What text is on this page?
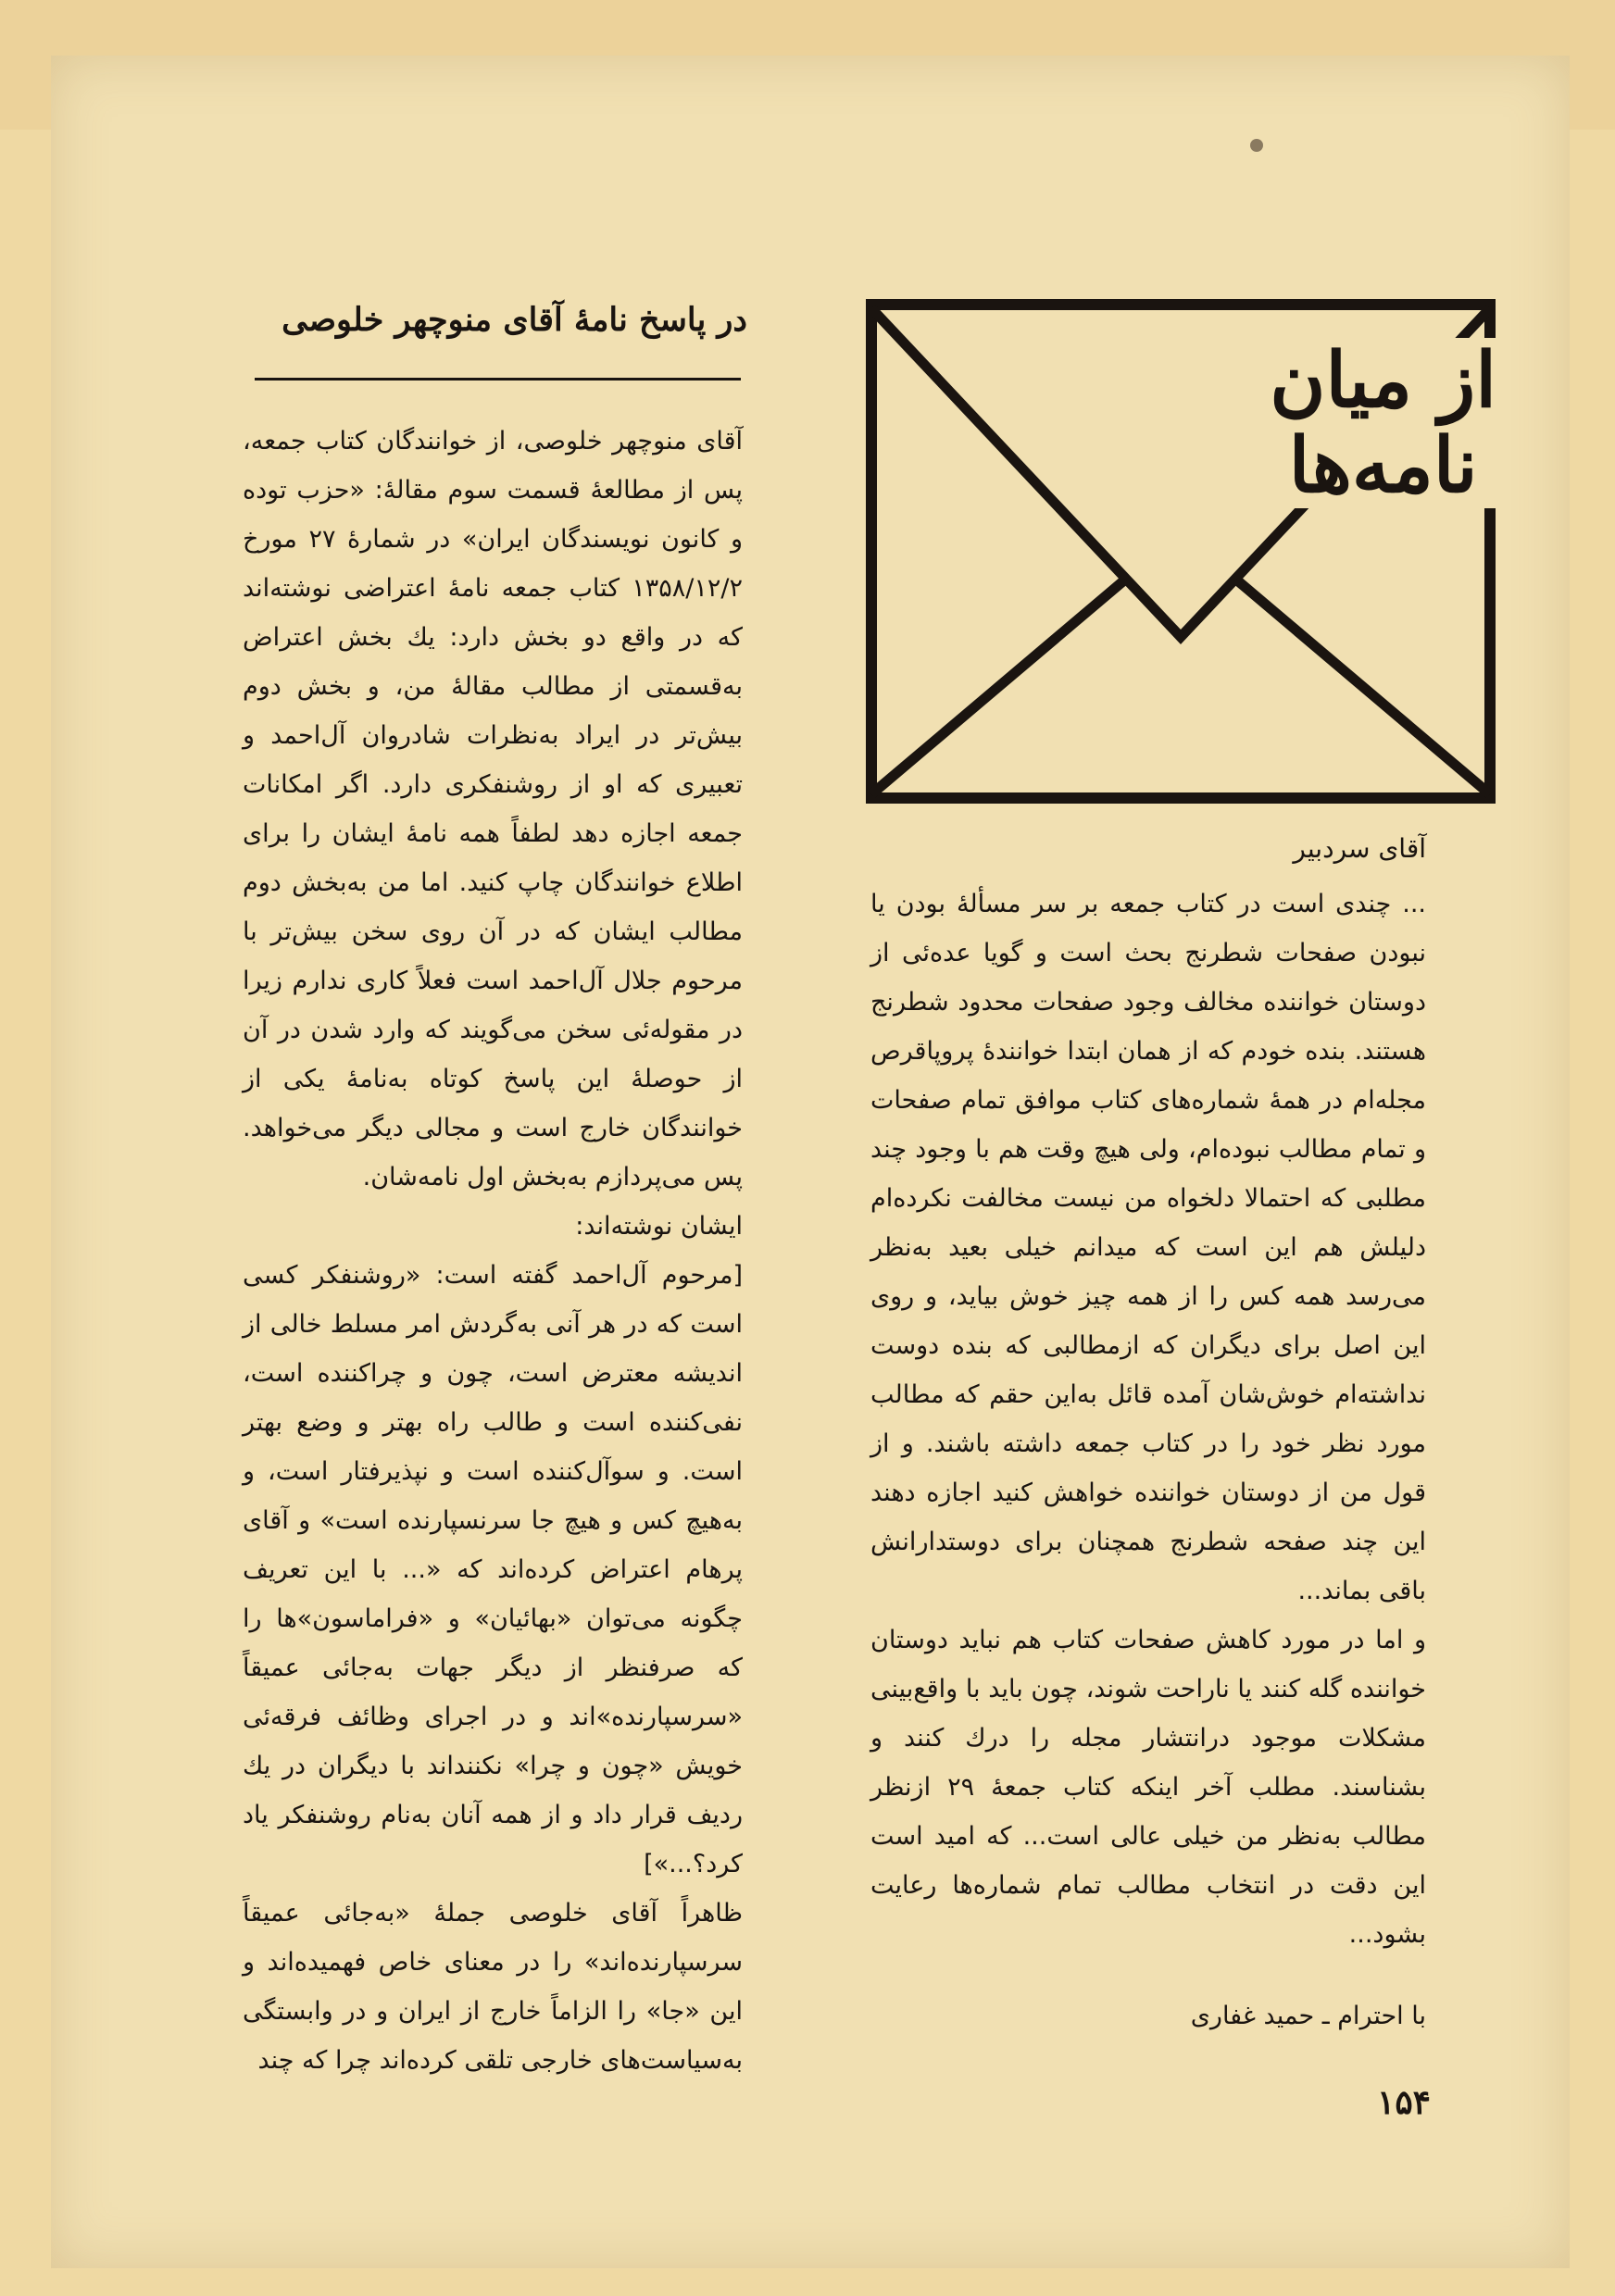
از میان
نامه‌ها
آقای سردبیر

... چندی است در کتاب جمعه بر سر مسألهٔ بودن یا نبودن صفحات شطرنج بحث است و گویا عده‌ئی از دوستان خواننده مخالف وجود صفحات محدود شطرنج هستند. بنده خودم که از همان ابتدا خوانندهٔ پروپاقرص مجله‌ام در همهٔ شماره‌های کتاب موافق تمام صفحات و تمام مطالب نبوده‌ام، ولی هیچ وقت هم با وجود چند مطلبی که احتمالا دلخواه من نیست مخالفت نکرده‌ام دلیلش هم این است که میدانم خیلی بعید به‌نظر می‌رسد همه کس را از همه چیز خوش بیاید، و روی این اصل برای دیگران که ازمطالبی که بنده دوست نداشته‌ام خوش‌شان آمده قائل به‌این حقم که مطالب مورد نظر خود را در کتاب جمعه داشته باشند. و از قول من از دوستان خواننده خواهش کنید اجازه دهند این چند صفحه شطرنج همچنان برای دوستدارانش باقی بماند...

و اما در مورد کاهش صفحات کتاب هم نباید دوستان خواننده گله کنند یا ناراحت شوند، چون باید با واقع‌بینی مشکلات موجود درانتشار مجله را درك کنند و بشناسند. مطلب آخر اینکه کتاب جمعهٔ ۲۹ ازنظر مطالب به‌نظر من خیلی عالی است... که امید است این دقت در انتخاب مطالب تمام شماره‌ها رعایت بشود...

با احترام ـ حمید غفاری
در پاسخ نامهٔ آقای منوچهر خلوصی

آقای منوچهر خلوصی، از خوانندگان کتاب جمعه، پس از مطالعهٔ قسمت سوم مقالهٔ: «حزب توده و کانون نویسندگان ایران» در شمارهٔ ۲۷ مورخ ۱۳۵۸/۱۲/۲ کتاب جمعه نامهٔ اعتراضی نوشته‌اند که در واقع دو بخش دارد: یك بخش اعتراض به‌قسمتی از مطالب مقالهٔ من، و بخش دوم بیش‌تر در ایراد به‌نظرات شادروان آل‌احمد و تعبیری که او از روشنفکری دارد. اگر امکانات جمعه اجازه دهد لطفاً همه نامهٔ ایشان را برای اطلاع خوانندگان چاپ کنید. اما من به‌بخش دوم مطالب ایشان که در آن روی سخن بیش‌تر با مرحوم جلال آل‌احمد است فعلاً کاری ندارم زیرا در مقوله‌ئی سخن می‌گویند که وارد شدن در آن از حوصلهٔ این پاسخ کوتاه به‌نامهٔ یکی از خوانندگان خارج است و مجالی دیگر می‌خواهد. پس می‌پردازم به‌بخش اول نامه‌شان.

ایشان نوشته‌اند:

[مرحوم آل‌احمد گفته است: «روشنفکر کسی است که در هر آنی به‌گردش امر مسلط خالی از اندیشه معترض است، چون و چراکننده است، نفی‌کننده است و طالب راه بهتر و وضع بهتر است. و سوآل‌کننده است و نپذیرفتار است، و به‌هیچ کس و هیچ جا سرنسپارنده است» و آقای پرهام اعتراض کرده‌اند که «... با این تعریف چگونه می‌توان «بهائیان» و «فراماسون»ها را که صرفنظر از دیگر جهات به‌جائی عمیقاً «سرسپارنده»اند و در اجرای وظائف فرقه‌ئی خویش «چون و چرا» نکنند‌اند با دیگران در یك ردیف قرار داد و از همه آنان به‌نام روشنفکر یاد کرد؟...»]

ظاهراً آقای خلوصی جملهٔ «به‌جائی عمیقاً سرسپارنده‌اند» را در معنای خاص فهمیده‌اند و این «جا» را الزاماً خارج از ایران و در وابستگی به‌سیاست‌های خارجی تلقی کرده‌اند چرا که چند

۱۵۴
